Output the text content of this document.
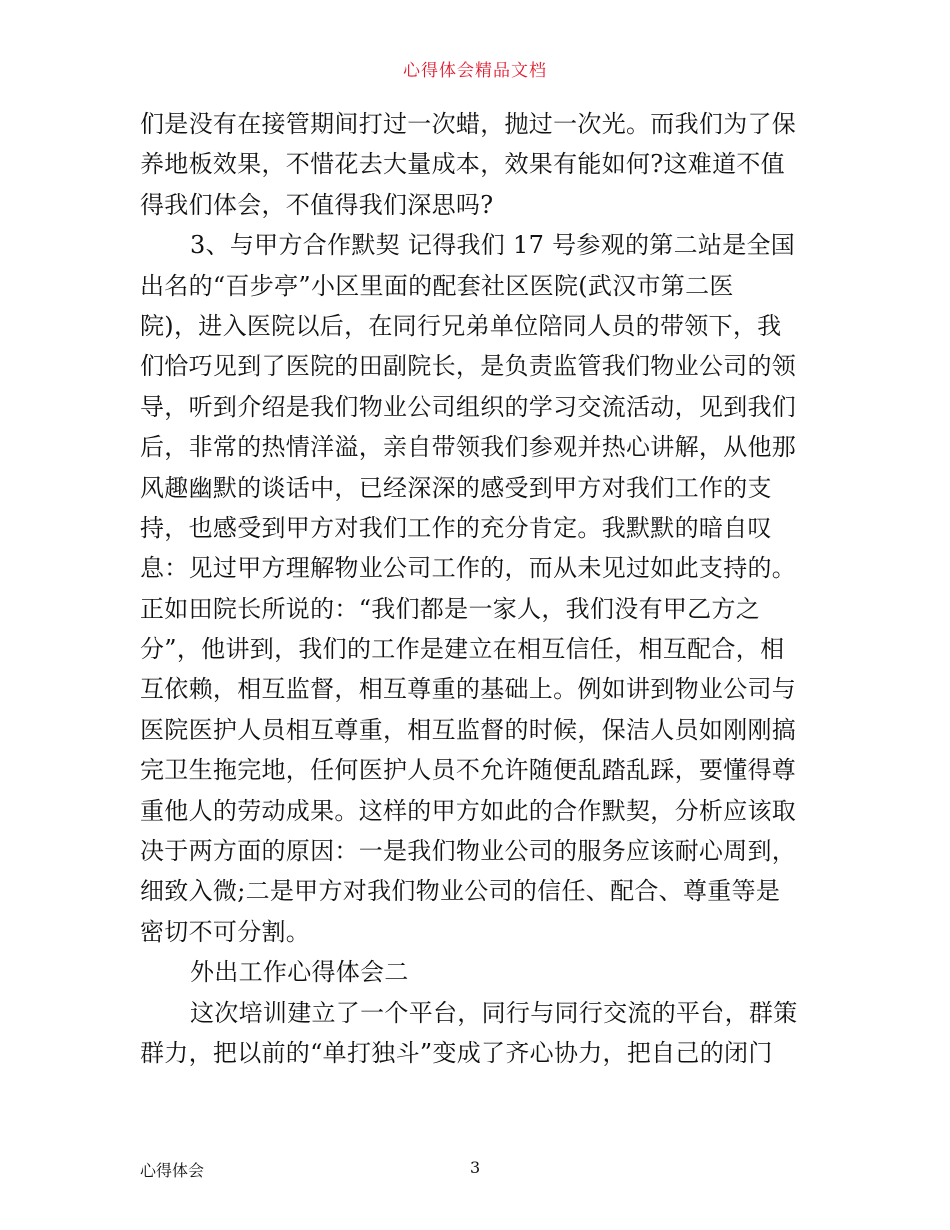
心得体会精品文档
们是没有在接管期间打过一次蜡，抛过一次光。而我们为了保
养地板效果，不惜花去大量成本，效果有能如何?这难道不值
得我们体会，不值得我们深思吗?
3、与甲方合作默契 记得我们 17 号参观的第二站是全国
出名的“百步亭”小区里面的配套社区医院(武汉市第二医
院)，进入医院以后，在同行兄弟单位陪同人员的带领下，我
们恰巧见到了医院的田副院长，是负责监管我们物业公司的领
导，听到介绍是我们物业公司组织的学习交流活动，见到我们
后，非常的热情洋溢，亲自带领我们参观并热心讲解，从他那
风趣幽默的谈话中，已经深深的感受到甲方对我们工作的支
持，也感受到甲方对我们工作的充分肯定。我默默的暗自叹
息：见过甲方理解物业公司工作的，而从未见过如此支持的。
正如田院长所说的：“我们都是一家人，我们没有甲乙方之
分”，他讲到，我们的工作是建立在相互信任，相互配合，相
互依赖，相互监督，相互尊重的基础上。例如讲到物业公司与
医院医护人员相互尊重，相互监督的时候，保洁人员如刚刚搞
完卫生拖完地，任何医护人员不允许随便乱踏乱踩，要懂得尊
重他人的劳动成果。这样的甲方如此的合作默契，分析应该取
决于两方面的原因：一是我们物业公司的服务应该耐心周到，
细致入微;二是甲方对我们物业公司的信任、配合、尊重等是
密切不可分割。
外出工作心得体会二
这次培训建立了一个平台，同行与同行交流的平台，群策
群力，把以前的“单打独斗”变成了齐心协力，把自己的闭门
心得体会	3
